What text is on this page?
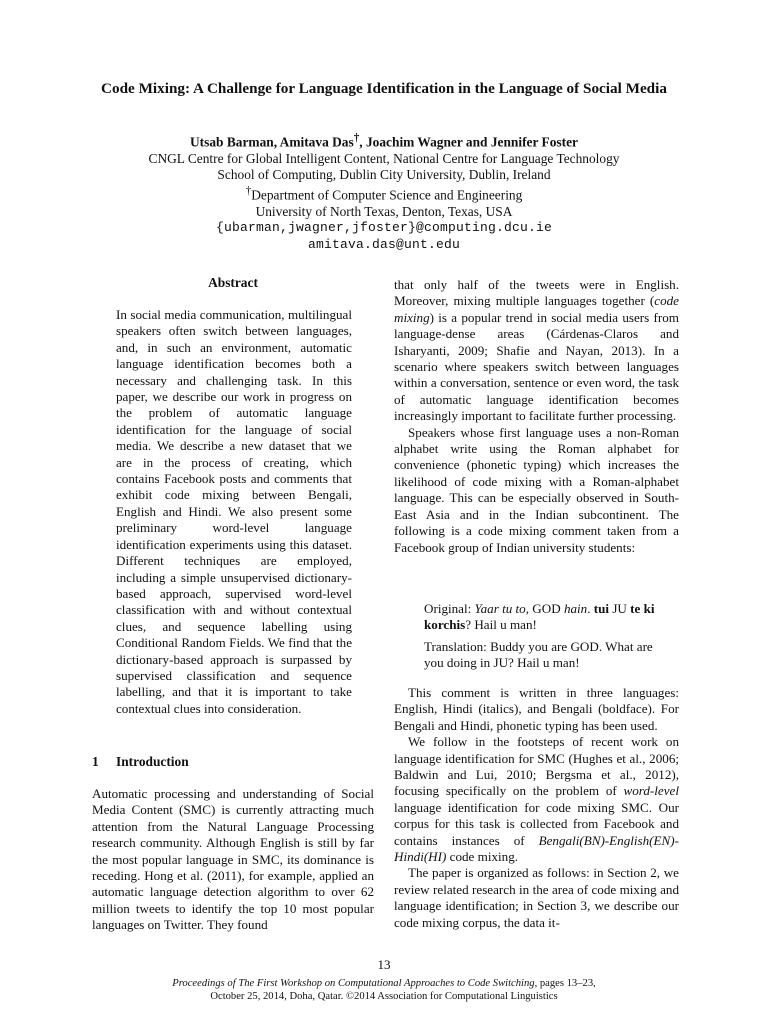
Code Mixing: A Challenge for Language Identification in the Language of Social Media
Utsab Barman, Amitava Das†, Joachim Wagner and Jennifer Foster
CNGL Centre for Global Intelligent Content, National Centre for Language Technology
School of Computing, Dublin City University, Dublin, Ireland
†Department of Computer Science and Engineering
University of North Texas, Denton, Texas, USA
{ubarman,jwagner,jfoster}@computing.dcu.ie
amitava.das@unt.edu
Abstract
In social media communication, multilingual speakers often switch between languages, and, in such an environment, automatic language identification becomes both a necessary and challenging task. In this paper, we describe our work in progress on the problem of automatic language identification for the language of social media. We describe a new dataset that we are in the process of creating, which contains Facebook posts and comments that exhibit code mixing between Bengali, English and Hindi. We also present some preliminary word-level language identification experiments using this dataset. Different techniques are employed, including a simple unsupervised dictionary-based approach, supervised word-level classification with and without contextual clues, and sequence labelling using Conditional Random Fields. We find that the dictionary-based approach is surpassed by supervised classification and sequence labelling, and that it is important to take contextual clues into consideration.
1 Introduction

Automatic processing and understanding of Social Media Content (SMC) is currently attracting much attention from the Natural Language Processing research community. Although English is still by far the most popular language in SMC, its dominance is receding. Hong et al. (2011), for example, applied an automatic language detection algorithm to over 62 million tweets to identify the top 10 most popular languages on Twitter. They found

that only half of the tweets were in English. Moreover, mixing multiple languages together (code mixing) is a popular trend in social media users from language-dense areas (Cárdenas-Claros and Isharyanti, 2009; Shafie and Nayan, 2013). In a scenario where speakers switch between languages within a conversation, sentence or even word, the task of automatic language identification becomes increasingly important to facilitate further processing.

Speakers whose first language uses a non-Roman alphabet write using the Roman alphabet for convenience (phonetic typing) which increases the likelihood of code mixing with a Roman-alphabet language. This can be especially observed in South-East Asia and in the Indian subcontinent. The following is a code mixing comment taken from a Facebook group of Indian university students:

Original: Yaar tu to, GOD hain. tui JU te ki korchis? Hail u man!
Translation: Buddy you are GOD. What are you doing in JU? Hail u man!

This comment is written in three languages: English, Hindi (italics), and Bengali (boldface). For Bengali and Hindi, phonetic typing has been used.

We follow in the footsteps of recent work on language identification for SMC (Hughes et al., 2006; Baldwin and Lui, 2010; Bergsma et al., 2012), focusing specifically on the problem of word-level language identification for code mixing SMC. Our corpus for this task is collected from Facebook and contains instances of Bengali(BN)-English(EN)-Hindi(HI) code mixing.

The paper is organized as follows: in Section 2, we review related research in the area of code mixing and language identification; in Section 3, we describe our code mixing corpus, the data it-

13
Proceedings of The First Workshop on Computational Approaches to Code Switching, pages 13–23,
October 25, 2014, Doha, Qatar. ©2014 Association for Computational Linguistics
